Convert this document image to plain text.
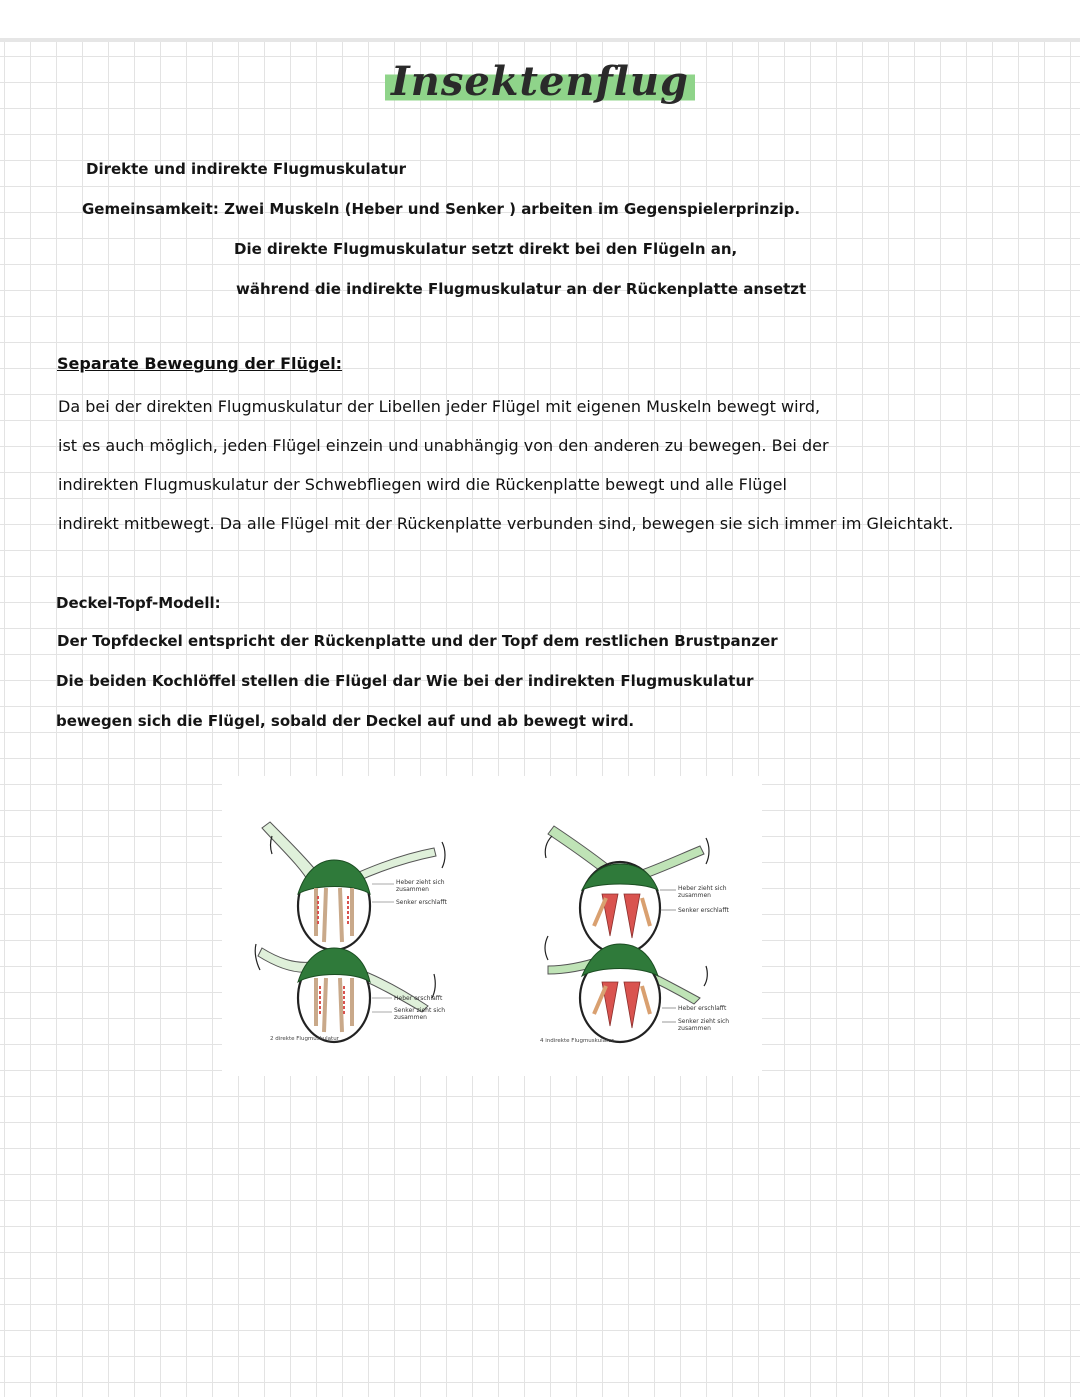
Insektenflug
Direkte und indirekte Flugmuskulatur
Gemeinsamkeit: Zwei Muskeln (Heber und Senker ) arbeiten im Gegenspielerprinzip.
Die direkte Flugmuskulatur setzt direkt bei den Flügeln an,
während die indirekte Flugmuskulatur an der Rückenplatte ansetzt
Separate Bewegung der Flügel:
Da bei der direkten Flugmuskulatur der Libellen jeder Flügel mit eigenen Muskeln bewegt wird,
ist es auch möglich, jeden Flügel einzein und unabhängig von den anderen zu bewegen. Bei der
indirekten Flugmuskulatur der Schwebfliegen wird die Rückenplatte bewegt und alle Flügel
indirekt mitbewegt. Da alle Flügel mit der Rückenplatte verbunden sind, bewegen sie sich immer im Gleichtakt.
Deckel-Topf-Modell:
Der Topfdeckel entspricht der Rückenplatte und der Topf dem restlichen Brustpanzer
Die beiden Kochlöffel stellen die Flügel dar Wie bei der indirekten Flugmuskulatur
bewegen sich die Flügel, sobald der Deckel auf und ab bewegt wird.
Heber zieht sich
zusammen
Senker erschlafft
Heber erschlafft
Senker zieht sich
zusammen
2 direkte Flugmuskulatur
Heber zieht sich
zusammen
Senker erschlafft
Heber erschlafft
Senker zieht sich
zusammen
4 indirekte Flugmuskulatur
